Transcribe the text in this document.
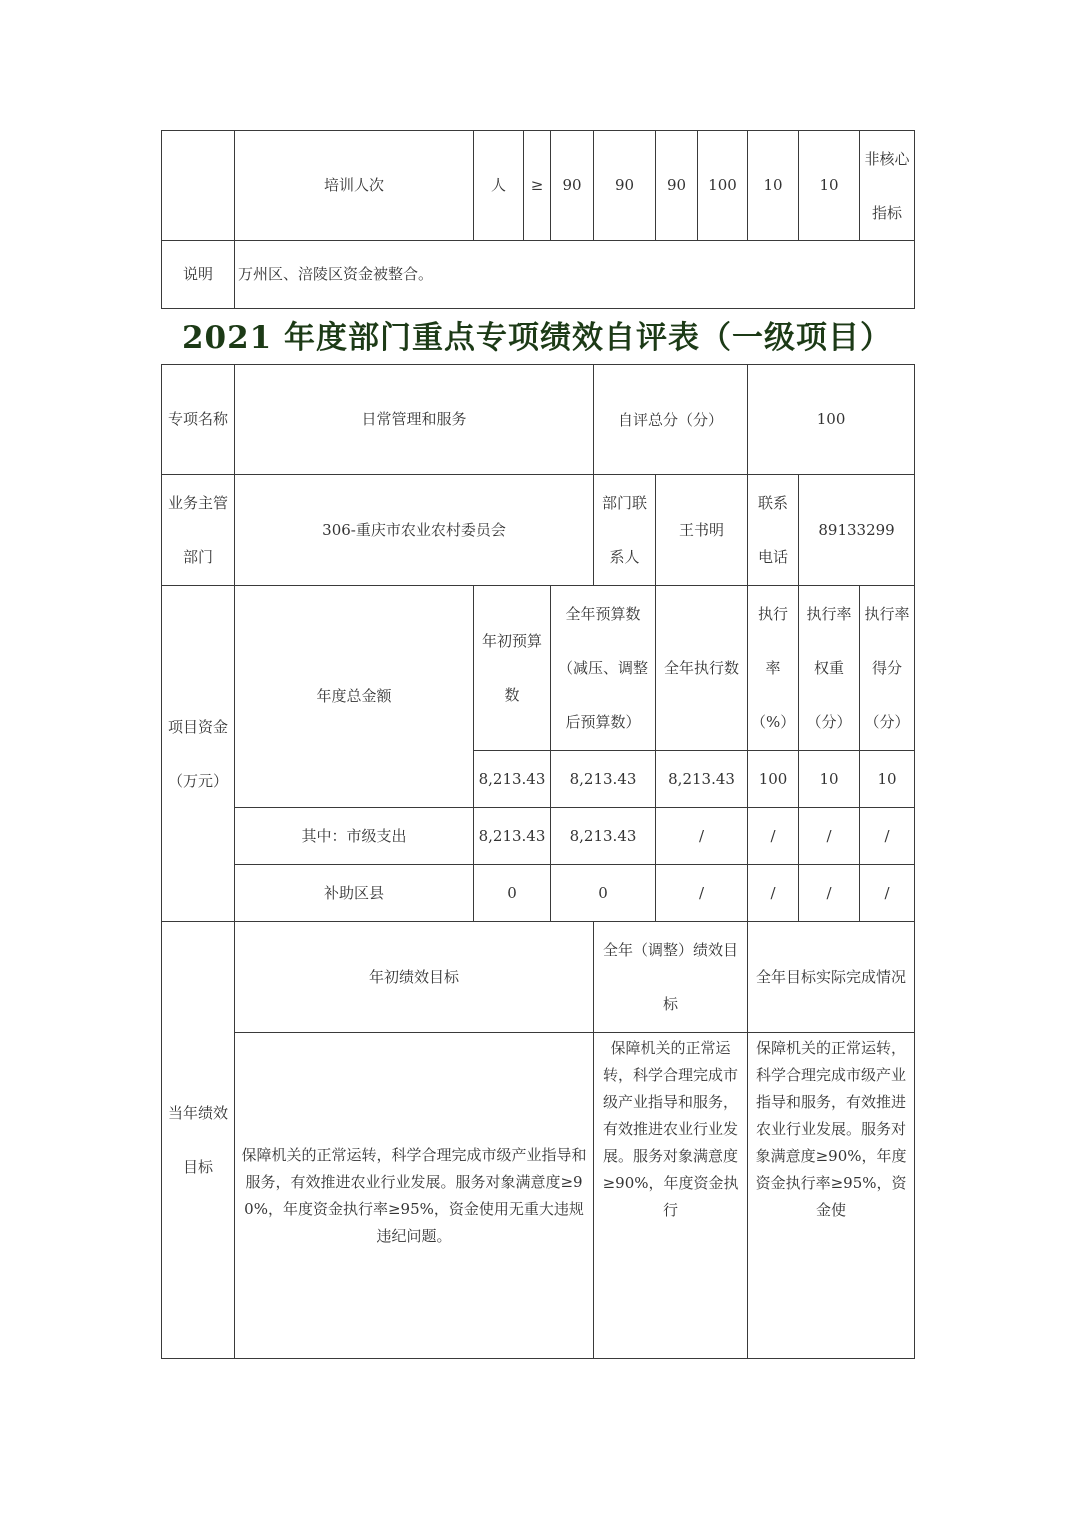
	培训人次	人	≥	90	90	90	100	10	10	非核心指标
说明	万州区、涪陵区资金被整合。									
2021 年度部门重点专项绩效自评表（一级项目）
专项名称	日常管理和服务			自评总分（分）		100		
业务主管部门	306-重庆市农业农村委员会			部门联系人	王书明	联系电话	89133299	
项目资金（万元）	年度总金额	年初预算数	全年预算数（减压、调整后预算数）		全年执行数	执行率（%）	执行率权重（分）	执行率得分（分）
		8,213.43	8,213.43		8,213.43	100	10	10
	其中：市级支出	8,213.43	8,213.43		/	/	/	/
	补助区县	0	0		/	/	/	/
当年绩效目标	年初绩效目标			全年（调整）绩效目标		全年目标实际完成情况		
	保障机关的正常运转，科学合理完成市级产业指导和服务，有效推进农业行业发展。服务对象满意度≥90%，年度资金执行率≥95%，资金使用无重大违规违纪问题。			保障机关的正常运转，科学合理完成市级产业指导和服务，有效推进农业行业发展。服务对象满意度≥90%，年度资金执行		保障机关的正常运转，科学合理完成市级产业指导和服务，有效推进农业行业发展。服务对象满意度≥90%，年度资金执行率≥95%，资金使		
